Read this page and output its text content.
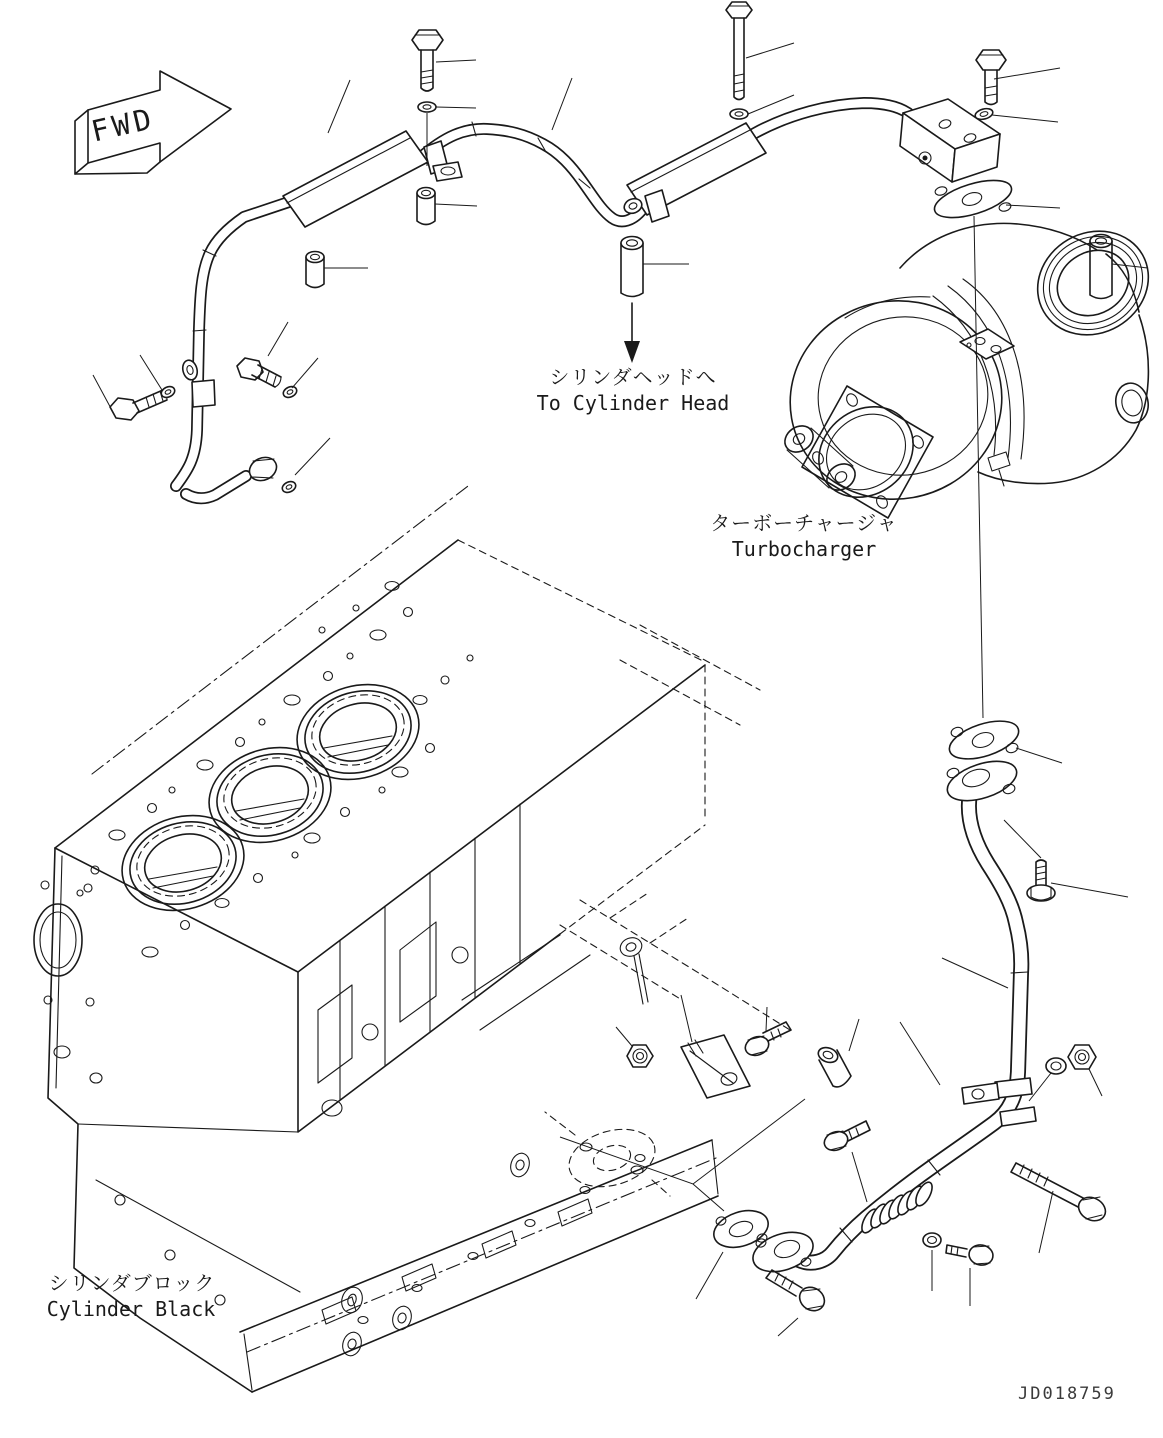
FWD
シリンダヘッドへ
To Cylinder Head
ターボーチャージャ
Turbocharger
シリンダブロック
Cylinder Black
JD018759
